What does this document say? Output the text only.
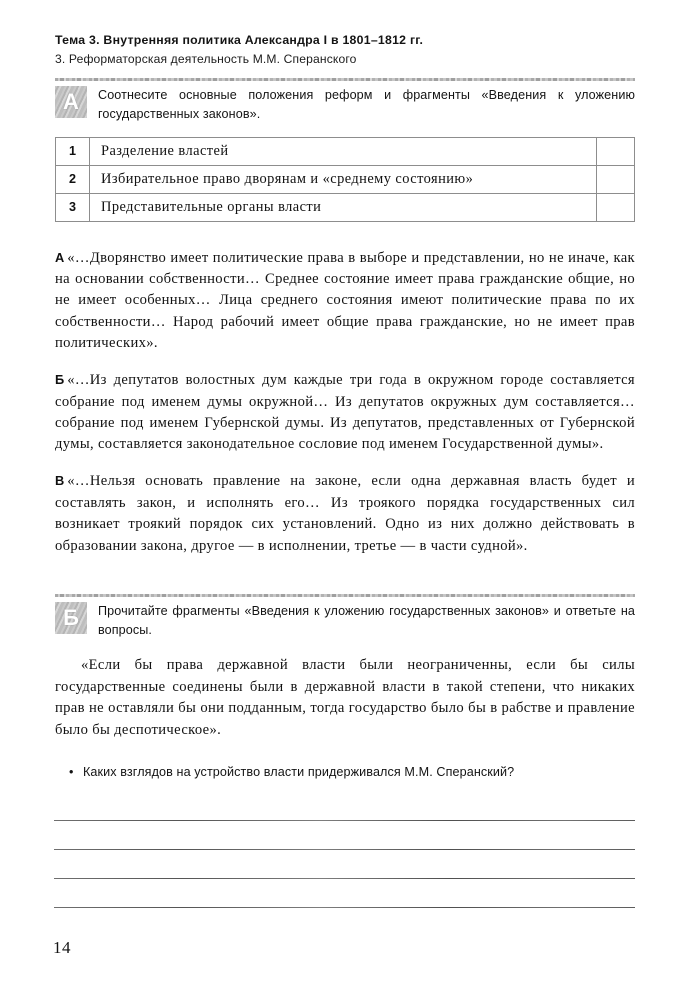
Тема 3. Внутренняя политика Александра I в 1801–1812 гг.
3. Реформаторская деятельность М.М. Сперанского
А Соотнесите основные положения реформ и фрагменты «Введения к уложению государственных законов».
1	Разделение властей	
2	Избирательное право дворянам и «среднему состоянию»	
3	Представительные органы власти	

А «…Дворянство имеет политические права в выборе и представлении, но не иначе, как на основании собственности… Среднее состояние имеет права гражданские общие, но не имеет особенных… Лица среднего состояния имеют политические права по их собственности… Народ рабочий имеет общие права гражданские, но не имеет прав политических».

Б «…Из депутатов волостных дум каждые три года в окружном городе составляется собрание под именем думы окружной… Из депутатов окружных дум составляется… собрание под именем Губернской думы. Из депутатов, представленных от Губернской думы, составляется законодательное сословие под именем Государственной думы».

В «…Нельзя основать правление на законе, если одна державная власть будет и составлять закон, и исполнять его… Из троякого порядка государственных сил возникает троякий порядок сих установлений. Одно из них должно действовать в образовании закона, другое — в исполнении, третье — в части судной».

Б Прочитайте фрагменты «Введения к уложению государственных законов» и ответьте на вопросы.
«Если бы права державной власти были неограниченны, если бы силы государственные соединены были в державной власти в такой степени, что никаких прав не оставляли бы они подданным, тогда государство было бы в рабстве и правление было бы деспотическое».
• Каких взглядов на устройство власти придерживался М.М. Сперанский?
14
